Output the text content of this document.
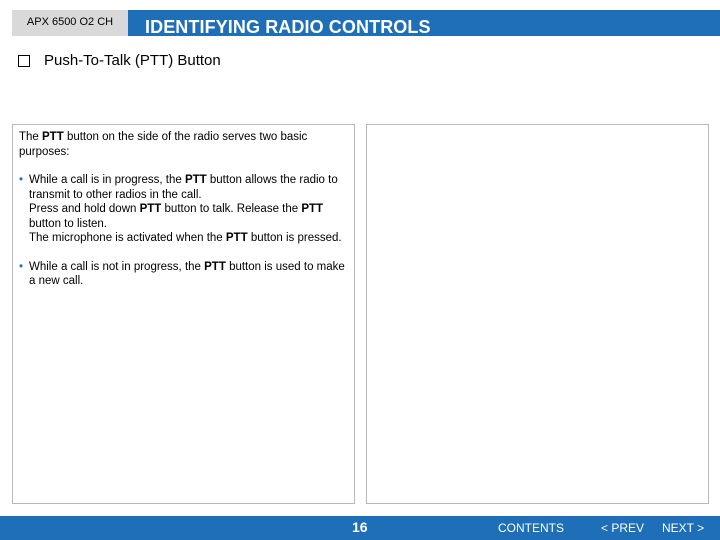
APX 6500 O2 CH	IDENTIFYING RADIO CONTROLS
Push-To-Talk (PTT) Button

The PTT button on the side of the radio serves two basic purposes:

• While a call is in progress, the PTT button allows the radio to transmit to other radios in the call.
Press and hold down PTT button to talk. Release the PTT button to listen.
The microphone is activated when the PTT button is pressed.
• While a call is not in progress, the PTT button is used to make a new call.
16	CONTENTS	< PREV NEXT >
